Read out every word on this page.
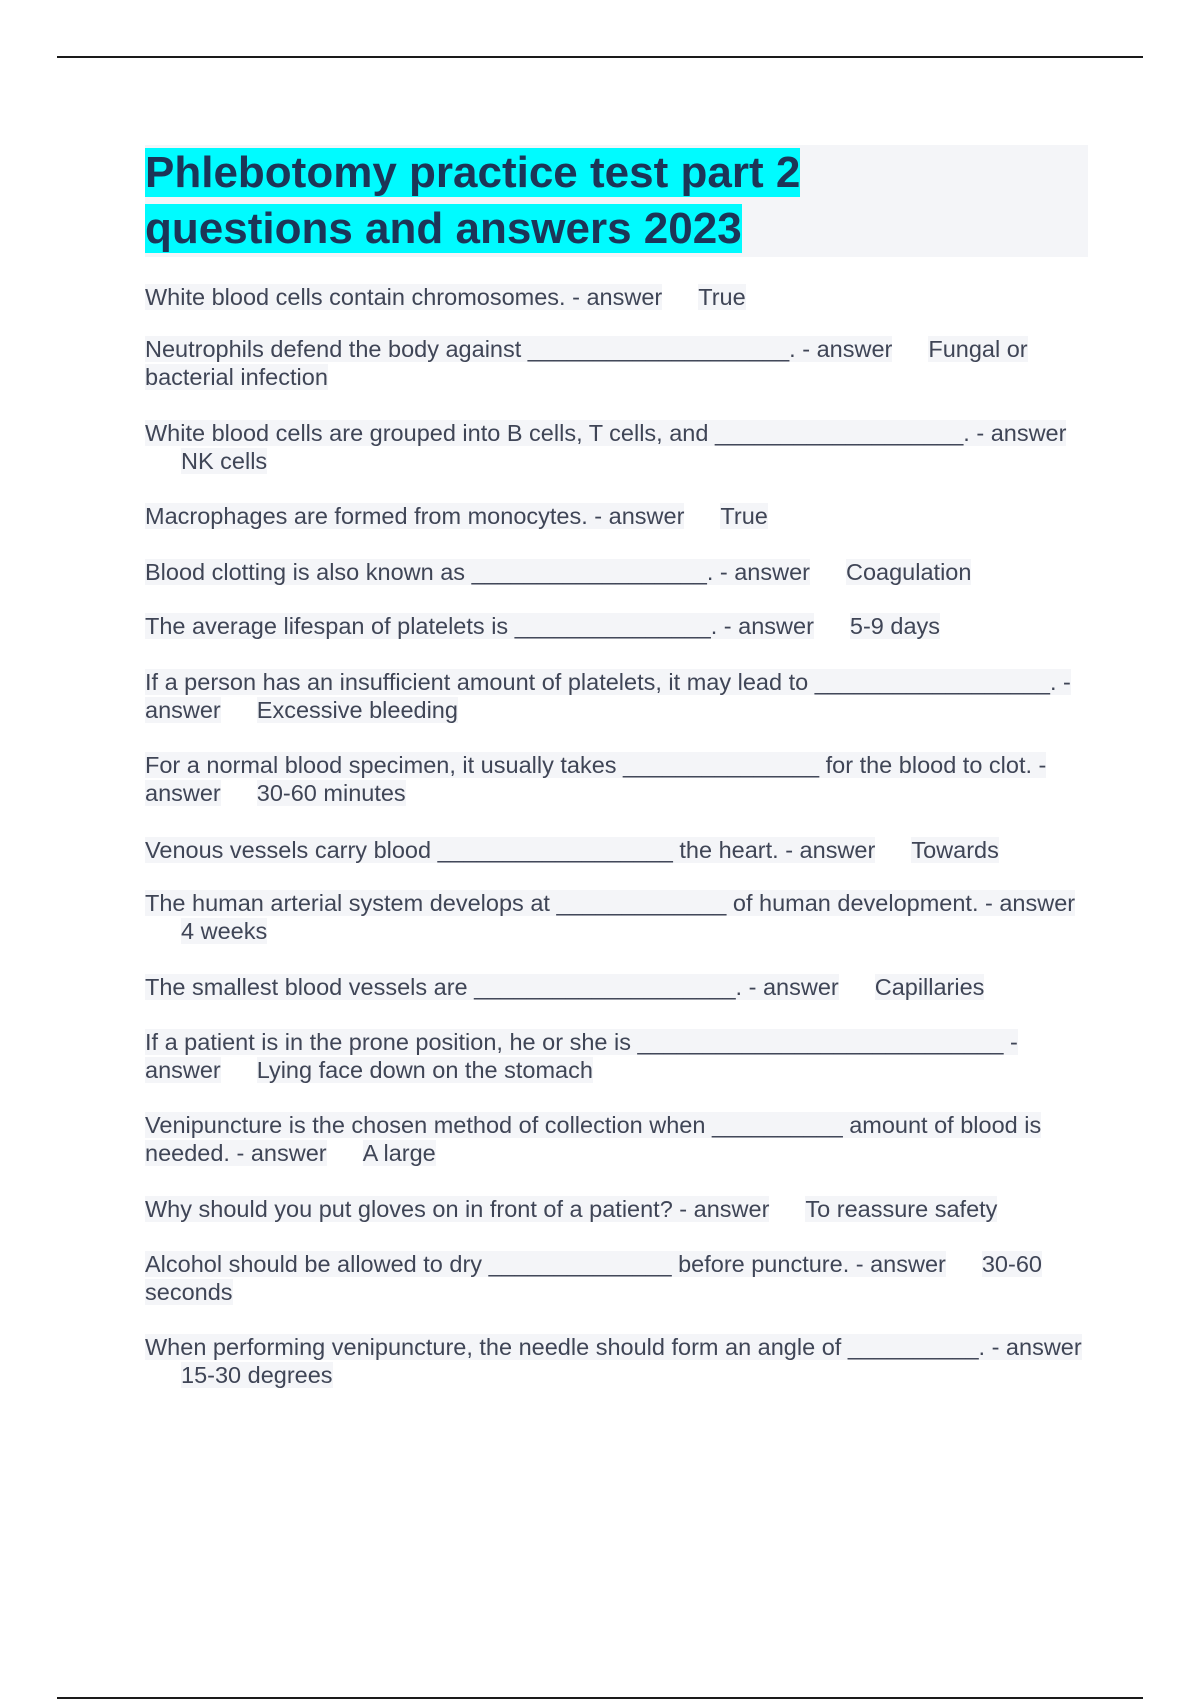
Phlebotomy practice test part 2
questions and answers 2023

White blood cells contain chromosomes. - answer True

Neutrophils defend the body against ____________________. - answer Fungal or bacterial infection

White blood cells are grouped into B cells, T cells, and ___________________. - answerNK cells

Macrophages are formed from monocytes. - answer True

Blood clotting is also known as __________________. - answer Coagulation

The average lifespan of platelets is _______________. - answer 5-9 days

If a person has an insufficient amount of platelets, it may lead to __________________. - answer Excessive bleeding

For a normal blood specimen, it usually takes _______________ for the blood to clot. - answer 30-60 minutes

Venous vessels carry blood __________________ the heart. - answer Towards

The human arterial system develops at _____________ of human development. - answer4 weeks

The smallest blood vessels are ____________________. - answer Capillaries

If a patient is in the prone position, he or she is ____________________________ - answer Lying face down on the stomach

Venipuncture is the chosen method of collection when __________ amount of blood is needed. - answer A large

Why should you put gloves on in front of a patient? - answer To reassure safety

Alcohol should be allowed to dry ______________ before puncture. - answer 30-60 seconds

When performing venipuncture, the needle should form an angle of __________. - answer15-30 degrees
